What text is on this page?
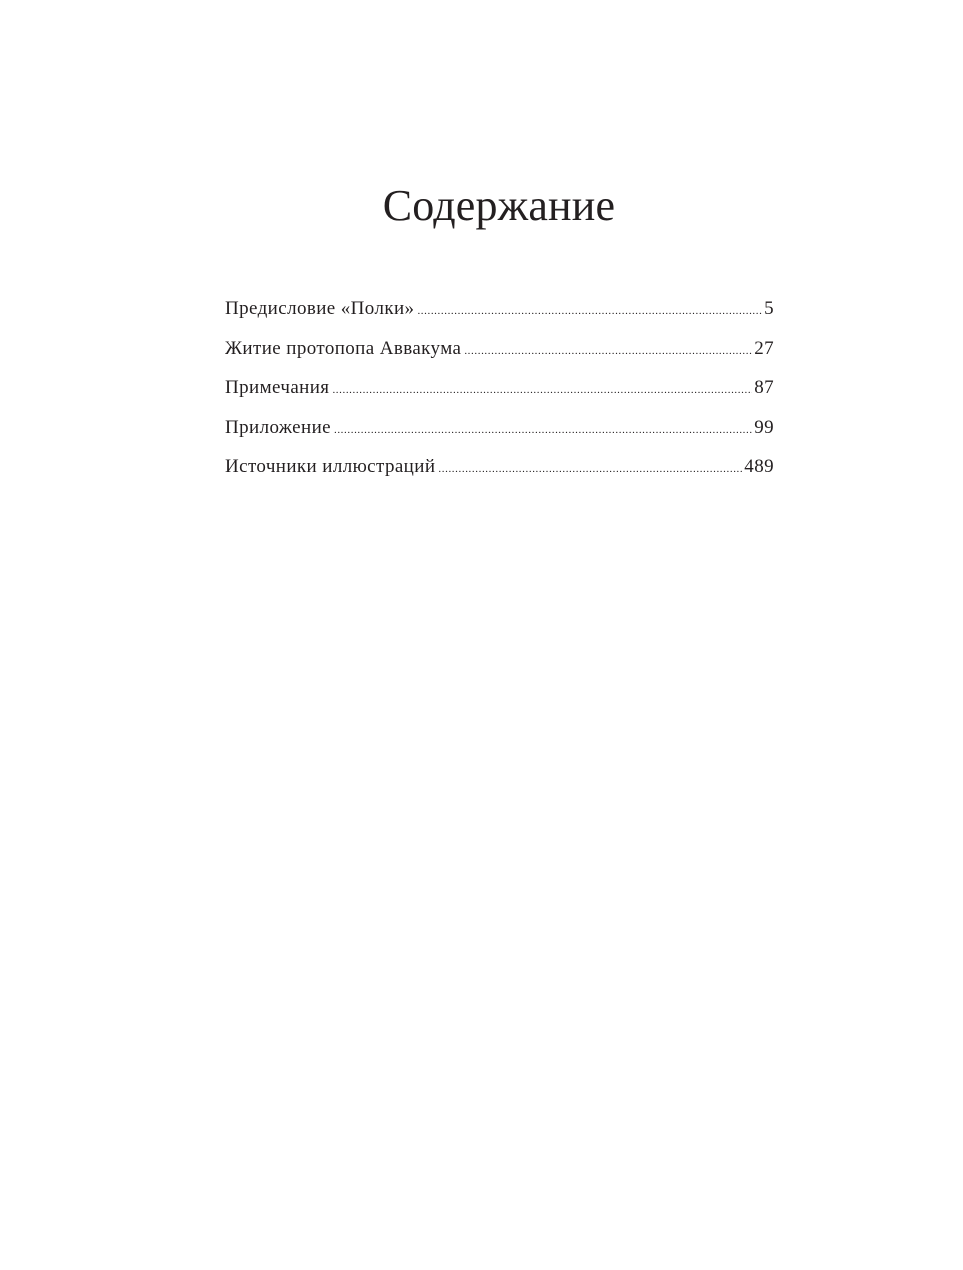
Содержание
Предисловие «Полки» .....	5
Житие протопопа Аввакума .....	27
Примечания .....	87
Приложение .....	99
Источники иллюстраций .....	489
